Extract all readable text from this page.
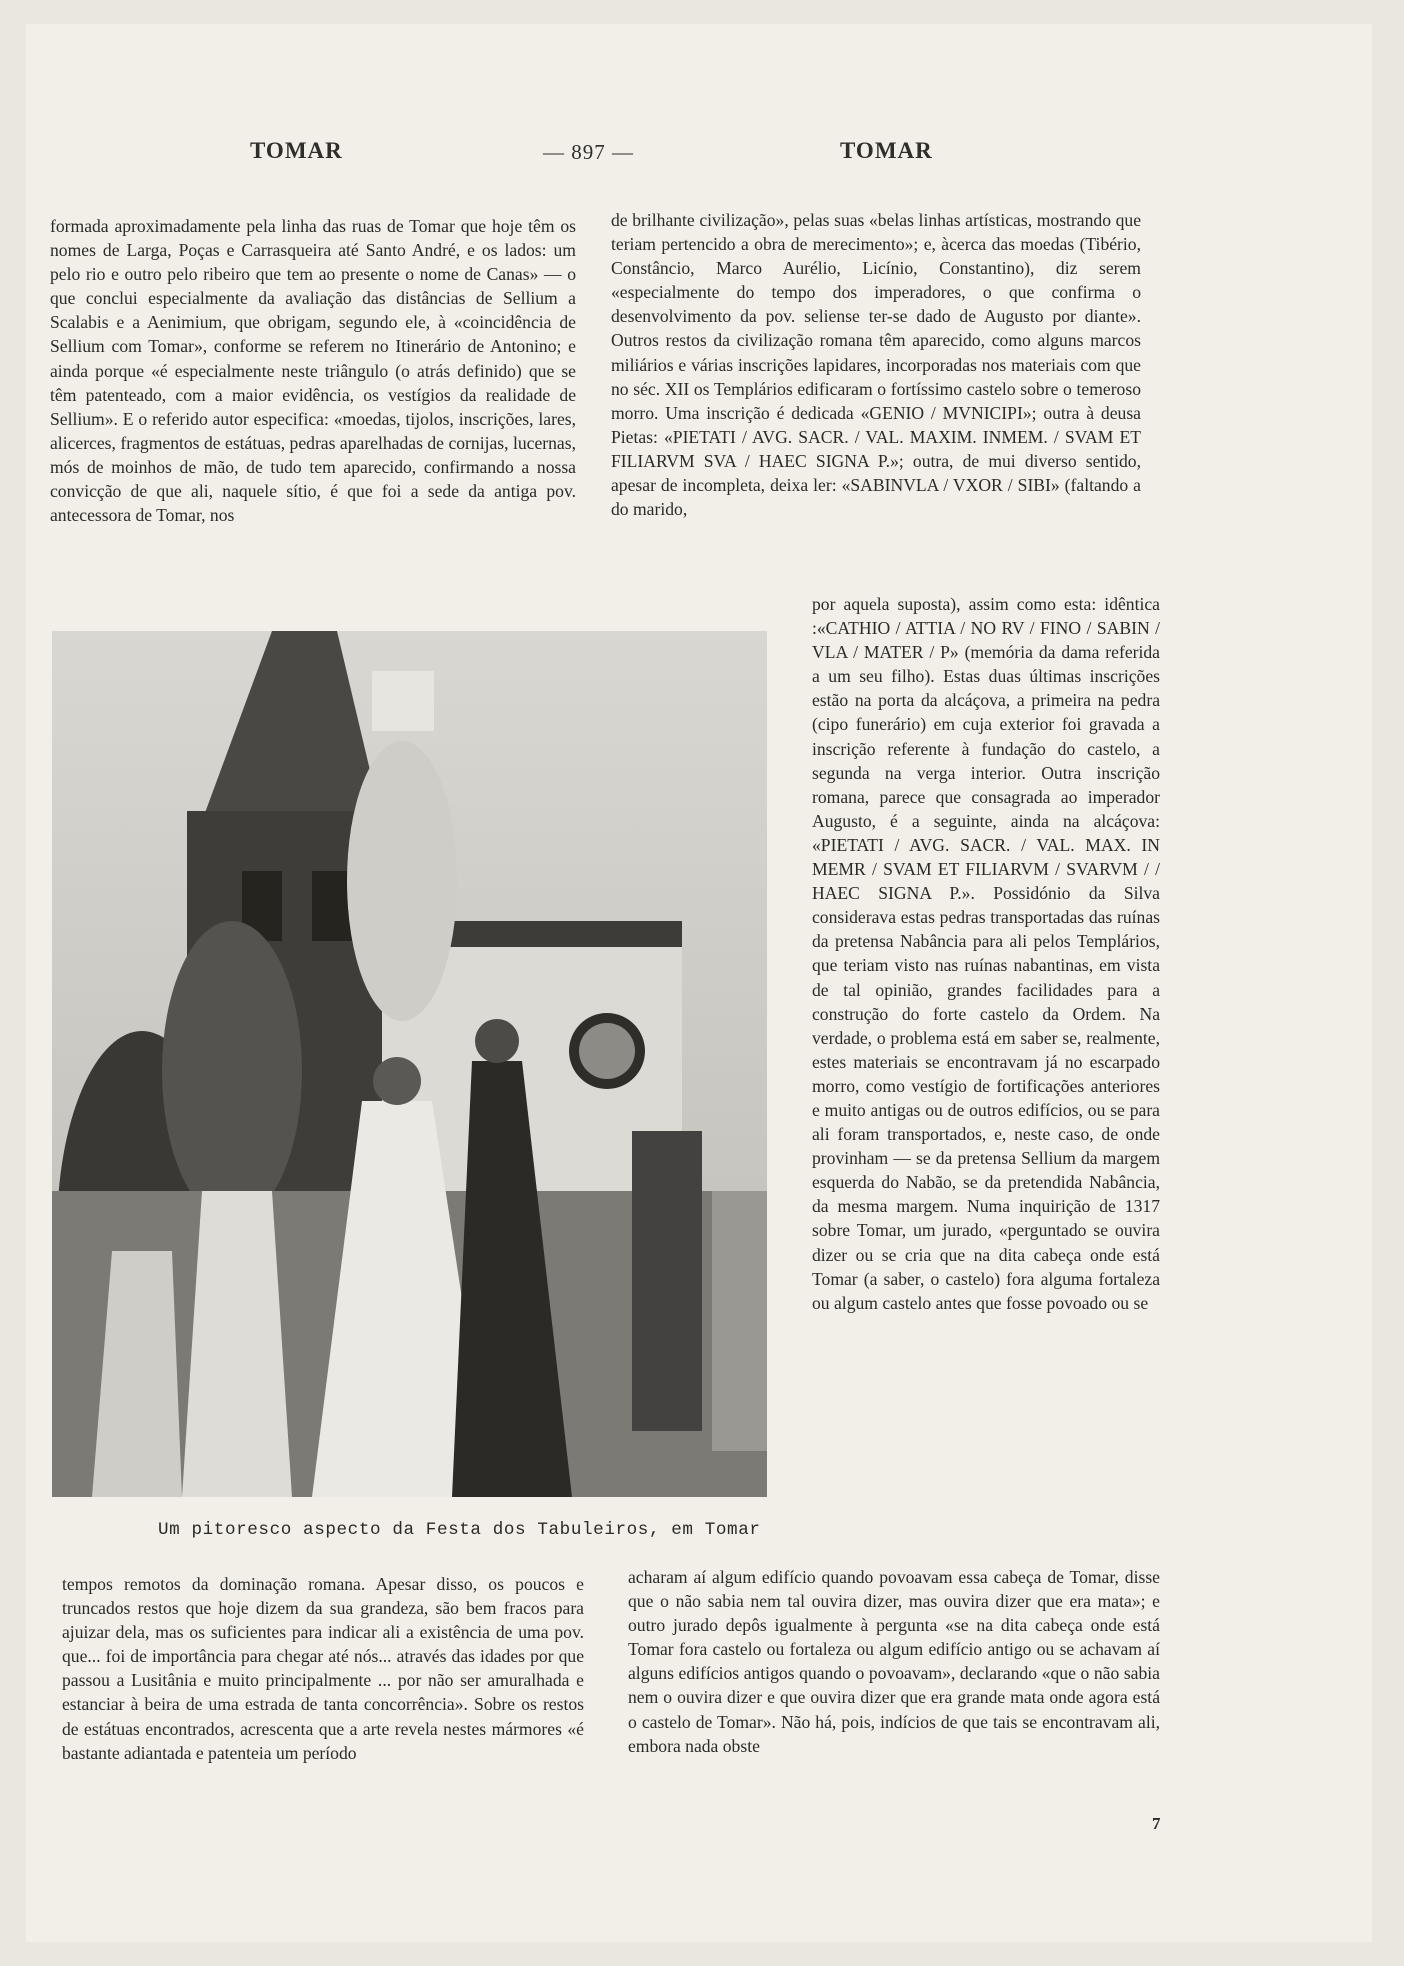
TOMAR	— 897 —	TOMAR

formada aproximadamente pela linha das ruas de Tomar que hoje têm os nomes de Larga, Poças e Carrasqueira até Santo André, e os lados: um pelo rio e outro pelo ribeiro que tem ao presente o nome de Canas» — o que conclui especialmente da avaliação das distâncias de Sellium a Scalabis e a Aenimium, que obrigam, segundo ele, à «coincidência de Sellium com Tomar», conforme se referem no Itinerário de Antonino; e ainda porque «é especialmente neste triângulo (o atrás definido) que se têm patenteado, com a maior evidência, os vestígios da realidade de Sellium». E o referido autor especifica: «moedas, tijolos, inscrições, lares, alicerces, fragmentos de estátuas, pedras aparelhadas de cornijas, lucernas, mós de moinhos de mão, de tudo tem aparecido, confirmando a nossa convicção de que ali, naquele sítio, é que foi a sede da antiga pov. antecessora de Tomar, nos

de brilhante civilização», pelas suas «belas linhas artísticas, mostrando que teriam pertencido a obra de merecimento»; e, àcerca das moedas (Tibério, Constâncio, Marco Aurélio, Licínio, Constantino), diz serem «especialmente do tempo dos imperadores, o que confirma o desenvolvimento da pov. seliense ter-se dado de Augusto por diante». Outros restos da civilização romana têm aparecido, como alguns marcos miliários e várias inscrições lapidares, incorporadas nos materiais com que no séc. XII os Templários edificaram o fortíssimo castelo sobre o temeroso morro. Uma inscrição é dedicada «GENIO / MVNICIPI»; outra à deusa Pietas: «PIETATI / AVG. SACR. / VAL. MAXIM. INMEM. / SVAM ET FILIARVM SVA / HAEC SIGNA P.»; outra, de mui diverso sentido, apesar de incompleta, deixa ler: «SABINVLA / VXOR / SIBI» (faltando a do marido,

por aquela suposta), assim como esta: idêntica :«CATHIO / ATTIA / NO RV / FINO / SABIN / VLA / MATER / P» (memória da dama referida a um seu filho). Estas duas últimas inscrições estão na porta da alcáçova, a primeira na pedra (cipo funerário) em cuja exterior foi gravada a inscrição referente à fundação do castelo, a segunda na verga interior. Outra inscrição romana, parece que consagrada ao imperador Augusto, é a seguinte, ainda na alcáçova: «PIETATI / AVG. SACR. / VAL. MAX. IN MEMR / SVAM ET FILIARVM / SVARVM / / HAEC SIGNA P.». Possidónio da Silva considerava estas pedras transportadas das ruínas da pretensa Nabância para ali pelos Templários, que teriam visto nas ruínas nabantinas, em vista de tal opinião, grandes facilidades para a construção do forte castelo da Ordem. Na verdade, o problema está em saber se, realmente, estes materiais se encontravam já no escarpado morro, como vestígio de fortificações anteriores e muito antigas ou de outros edifícios, ou se para ali foram transportados, e, neste caso, de onde provinham — se da pretensa Sellium da margem esquerda do Nabão, se da pretendida Nabância, da mesma margem. Numa inquirição de 1317 sobre Tomar, um jurado, «perguntado se ouvira dizer ou se cria que na dita cabeça onde está Tomar (a saber, o castelo) fora alguma fortaleza ou algum castelo antes que fosse povoado ou se

Um pitoresco aspecto da Festa dos Tabuleiros, em Tomar

tempos remotos da dominação romana. Apesar disso, os poucos e truncados restos que hoje dizem da sua grandeza, são bem fracos para ajuizar dela, mas os suficientes para indicar ali a existência de uma pov. que... foi de importância para chegar até nós... através das idades por que passou a Lusitânia e muito principalmente ... por não ser amuralhada e estanciar à beira de uma estrada de tanta concorrência». Sobre os restos de estátuas encontrados, acrescenta que a arte revela nestes mármores «é bastante adiantada e patenteia um período

acharam aí algum edifício quando povoavam essa cabeça de Tomar, disse que o não sabia nem tal ouvira dizer, mas ouvira dizer que era mata»; e outro jurado depôs igualmente à pergunta «se na dita cabeça onde está Tomar fora castelo ou fortaleza ou algum edifício antigo ou se achavam aí alguns edifícios antigos quando o povoavam», declarando «que o não sabia nem o ouvira dizer e que ouvira dizer que era grande mata onde agora está o castelo de Tomar». Não há, pois, indícios de que tais se encontravam ali, embora nada obste

7
